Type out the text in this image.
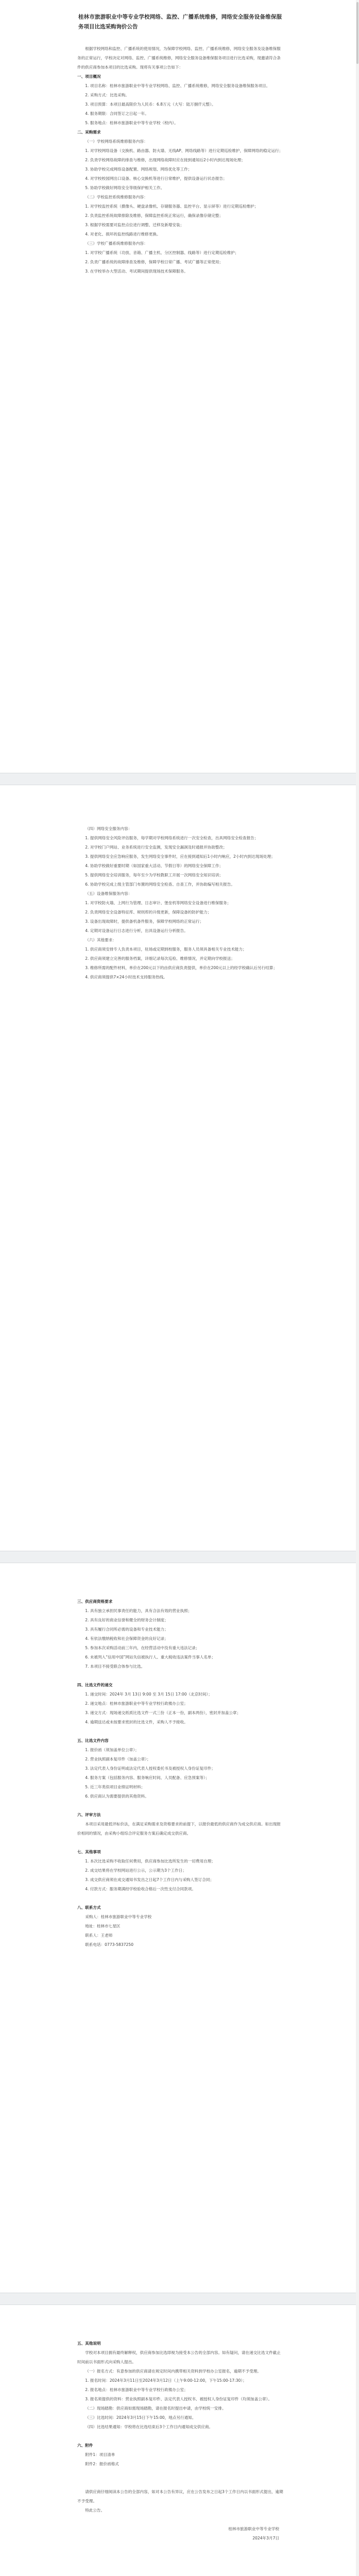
桂林市旅游职业中等专业学校网络、监控、广播系统维修，网络安全服务设备维保服务项目比选采购询价公告

根据学校网络和监控、广播系统的使用情况，为保障学校网络、监控、广播系统维修，网络安全服务及设备维保服务的正常运行，学校决定对网络、监控、广播系统维修，网络安全服务设备维保服务项目进行比选采购，现邀请符合条件的供应商参加本项目的比选采购。现将有关事项公告如下：

一、项目概况

1. 项目名称：桂林市旅游职业中等专业学校网络、监控、广播系统维修，网络安全服务设备维保服务项目。

2. 采购方式：比选采购。

3. 项目预算：本项目最高限价为人民币：6.8万元（大写：陆万捌仟元整）。

4. 服务期限：合同签订之日起一年。

5. 服务地点：桂林市旅游职业中等专业学校（校内）。

二、采购需求

（一）学校网络系统维修服务内容：

1. 对学校网络设备（交换机、路由器、防火墙、无线AP、网络线路等）进行定期巡检维护，保障网络的稳定运行；

2. 负责学校网络故障的排查与维修，出现网络故障时应在接到通知后2小时内到达现场处理；

3. 协助学校完成网络设备配置、网络规划、网络优化等工作；

4. 对学校校园网出口设备、核心交换机等进行日常维护，提供设备运行状态报告；

5. 协助学校做好网络安全等级保护相关工作。

（二）学校监控系统维修服务内容：

1. 对学校监控系统（摄像头、硬盘录像机、存储服务器、监控平台、显示屏等）进行定期巡检维护；

2. 负责监控系统故障排除及维修，保障监控系统正常运行，确保录像存储完整；

3. 根据学校需要对监控点位进行调整、迁移及新增安装；

4. 对老化、损坏的监控线路进行维修更换。

（三）学校广播系统维修服务内容：

1. 对学校广播系统（功放、音箱、广播主机、分区控制器、线路等）进行定期巡检维护；

2. 负责广播系统的故障排查及维修，保障学校日常广播、考试广播等正常使用；

3. 在学校举办大型活动、考试期间提供现场技术保障服务。

（四）网络安全服务内容：

1. 提供网络安全风险评估服务，每学期对学校网络系统进行一次安全检查，出具网络安全检查报告；

2. 对学校门户网站、业务系统进行安全监测，发现安全漏洞及时通报并协助整改；

3. 提供网络安全应急响应服务，发生网络安全事件时，应在接到通知后1小时内响应，2小时内到达现场处理；

4. 协助学校做好重要时期（如国家重大活动、节假日等）的网络安全保障工作；

5. 提供网络安全培训服务，每年至少为学校教职工开展一次网络安全知识培训；

6. 协助学校完成上级主管部门布置的网络安全检查、自查工作，并协助编写相关报告。

（五）设备维保服务内容：

1. 对学校防火墙、上网行为管理、日志审计、堡垒机等网络安全设备进行维保服务；

2. 负责网络安全设备特征库、规则库的升级更新，保障设备的防护能力；

3. 设备出现故障时，提供备机备件服务，保障学校网络的正常运行；

4. 定期对设备运行日志进行分析，出具设备运行分析报告。

（六）其他要求：

1. 供应商须安排专人负责本项目，驻场或定期到校服务，服务人员须具备相关专业技术能力；

2. 供应商须建立完善的服务档案，详细记录每次巡检、维修情况，并定期向学校报送；

3. 维修所需的配件材料，单价在200元以下的由供应商负责提供，单价在200元以上的经学校确认后另行结算；

4. 供应商须提供7×24小时技术支持服务热线。

三、供应商资格要求

1. 具有独立承担民事责任的能力，具有合法有效的营业执照；

2. 具有良好的商业信誉和健全的财务会计制度；

3. 具有履行合同所必需的设备和专业技术能力；

4. 有依法缴纳税收和社会保障资金的良好记录；

5. 参加本次采购活动前三年内，在经营活动中没有重大违法记录；

6. 未被列入“信用中国”网站失信被执行人、重大税收违法案件当事人名单；

7. 本项目不接受联合体参与比选。

四、比选文件的递交

1. 递交时间：2024年 3月 13日 9:00 至 3月 15日 17:00（北京时间）；

2. 递交地点：桂林市旅游职业中等专业学校行政楼办公室；

3. 递交方式：现场递交纸质比选文件一式三份（正本一份，副本两份），密封并加盖公章；

4. 逾期送达或未按要求密封的比选文件，采购人不予接收。

五、比选文件内容

1. 报价函（须加盖单位公章）；

2. 营业执照副本复印件（加盖公章）；

3. 法定代表人身份证明或法定代表人授权委托书及被授权人身份证复印件；

4. 服务方案（包括服务内容、服务响应时间、人员配备、应急预案等）；

5. 近三年类似项目业绩证明材料；

6. 供应商认为需要提供的其他资料。

六、评审方法

本项目采用最低评标价法，在满足采购需求及资格要求的前提下，以报价最低的供应商作为成交供应商。如出现报价相同的情况，由采购小组综合评定服务方案后确定成交供应商。

七、其他事项

1. 本次比选采购不收取任何费用，供应商参加比选所发生的一切费用自理；

2. 成交结果将在学校网站进行公示，公示期为3个工作日；

3. 成交供应商须在成交通知书发出之日起7个工作日内与采购人签订合同；

4. 付款方式：服务期满经学校验收合格后一次性支付合同款项。

八、联系方式

采购人：桂林市旅游职业中等专业学校

地址：桂林市七星区

联系人：王老师

联系电话：0773-5837250

五、其他说明

学校对本项目拥有最终解释权，供应商参加比选即视为接受本公告的全部内容。如有疑问，请在递交比选文件截止时间前以书面形式向采购人提出。

（一）报名方式：有意参加的供应商请在规定时间内携带相关资料到学校办公室报名，逾期不予受理。

1. 报名时间：2024年3月11日至2024年3月12日（上午9:00-12:00，下午15:00-17:30）；

2. 报名地点：桂林市旅游职业中等专业学校行政楼办公室；

3. 报名须提供的资料：营业执照副本复印件、法定代表人授权书、被授权人身份证复印件（均须加盖公章）。

（二）现场踏勘：供应商如需现场踏勘，请在报名时提出申请，由学校统一安排。

（三）比选时间：2024年3月15日下午15:00，地点另行通知。

（四）比选结果通知：学校将在比选结束后3个工作日内通知成交供应商。

六、附件

附件1：项目清单

附件2：报价函格式

请供应商仔细阅读本公告的全部内容，如对本公告有异议，应在公告发布之日起3个工作日内以书面形式提出，逾期不予受理。

特此公告。

桂林市旅游职业中等专业学校

2024年3月7日
